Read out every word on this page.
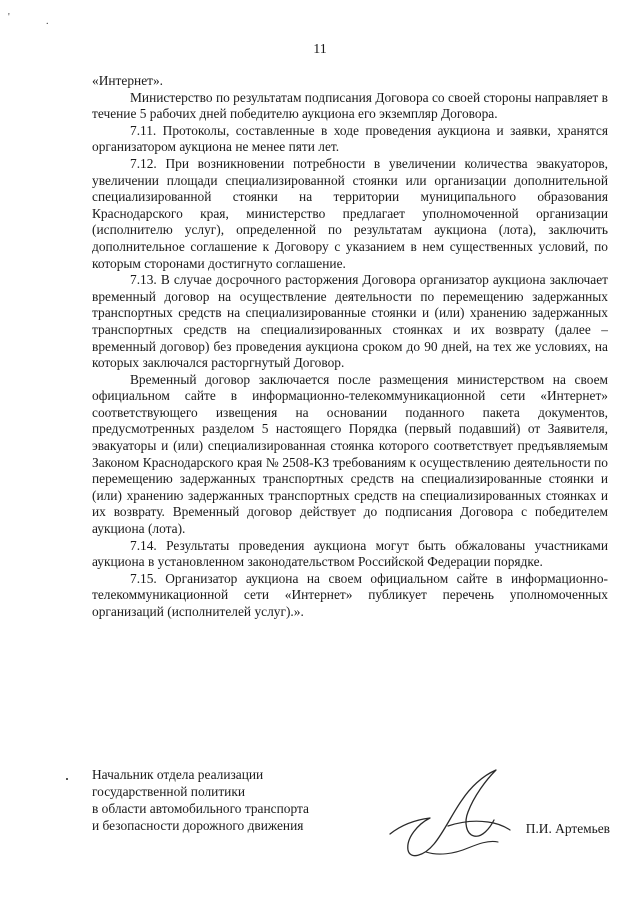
'	.
11

«Интернет».

Министерство по результатам подписания Договора со своей стороны направляет в течение 5 рабочих дней победителю аукциона его экземпляр Договора.

7.11. Протоколы, составленные в ходе проведения аукциона и заявки, хранятся организатором аукциона не менее пяти лет.

7.12. При возникновении потребности в увеличении количества эвакуаторов, увеличении площади специализированной стоянки или организации дополнительной специализированной стоянки на территории муниципального образования Краснодарского края, министерство предлагает уполномоченной организации (исполнителю услуг), определенной по результатам аукциона (лота), заключить дополнительное соглашение к Договору с указанием в нем существенных условий, по которым сторонами достигнуто соглашение.

7.13. В случае досрочного расторжения Договора организатор аукциона заключает временный договор на осуществление деятельности по перемещению задержанных транспортных средств на специализированные стоянки и (или) хранению задержанных транспортных средств на специализированных стоянках и их возврату (далее – временный договор) без проведения аукциона сроком до 90 дней, на тех же условиях, на которых заключался расторгнутый Договор.

Временный договор заключается после размещения министерством на своем официальном сайте в информационно-телекоммуникационной сети «Интернет» соответствующего извещения на основании поданного пакета документов, предусмотренных разделом 5 настоящего Порядка (первый подавший) от Заявителя, эвакуаторы и (или) специализированная стоянка которого соответствует предъявляемым Законом Краснодарского края № 2508-КЗ требованиям к осуществлению деятельности по перемещению задержанных транспортных средств на специализированные стоянки и (или) хранению задержанных транспортных средств на специализированных стоянках и их возврату. Временный договор действует до подписания Договора с победителем аукциона (лота).

7.14. Результаты проведения аукциона могут быть обжалованы участниками аукциона в установленном законодательством Российской Федерации порядке.

7.15. Организатор аукциона на своем официальном сайте в информационно-телекоммуникационной сети «Интернет» публикует перечень уполномоченных организаций (исполнителей услуг).».

Начальник отдела реализации
государственной политики
в области автомобильного транспорта
и безопасности дорожного движения	П.И. Артемьев
